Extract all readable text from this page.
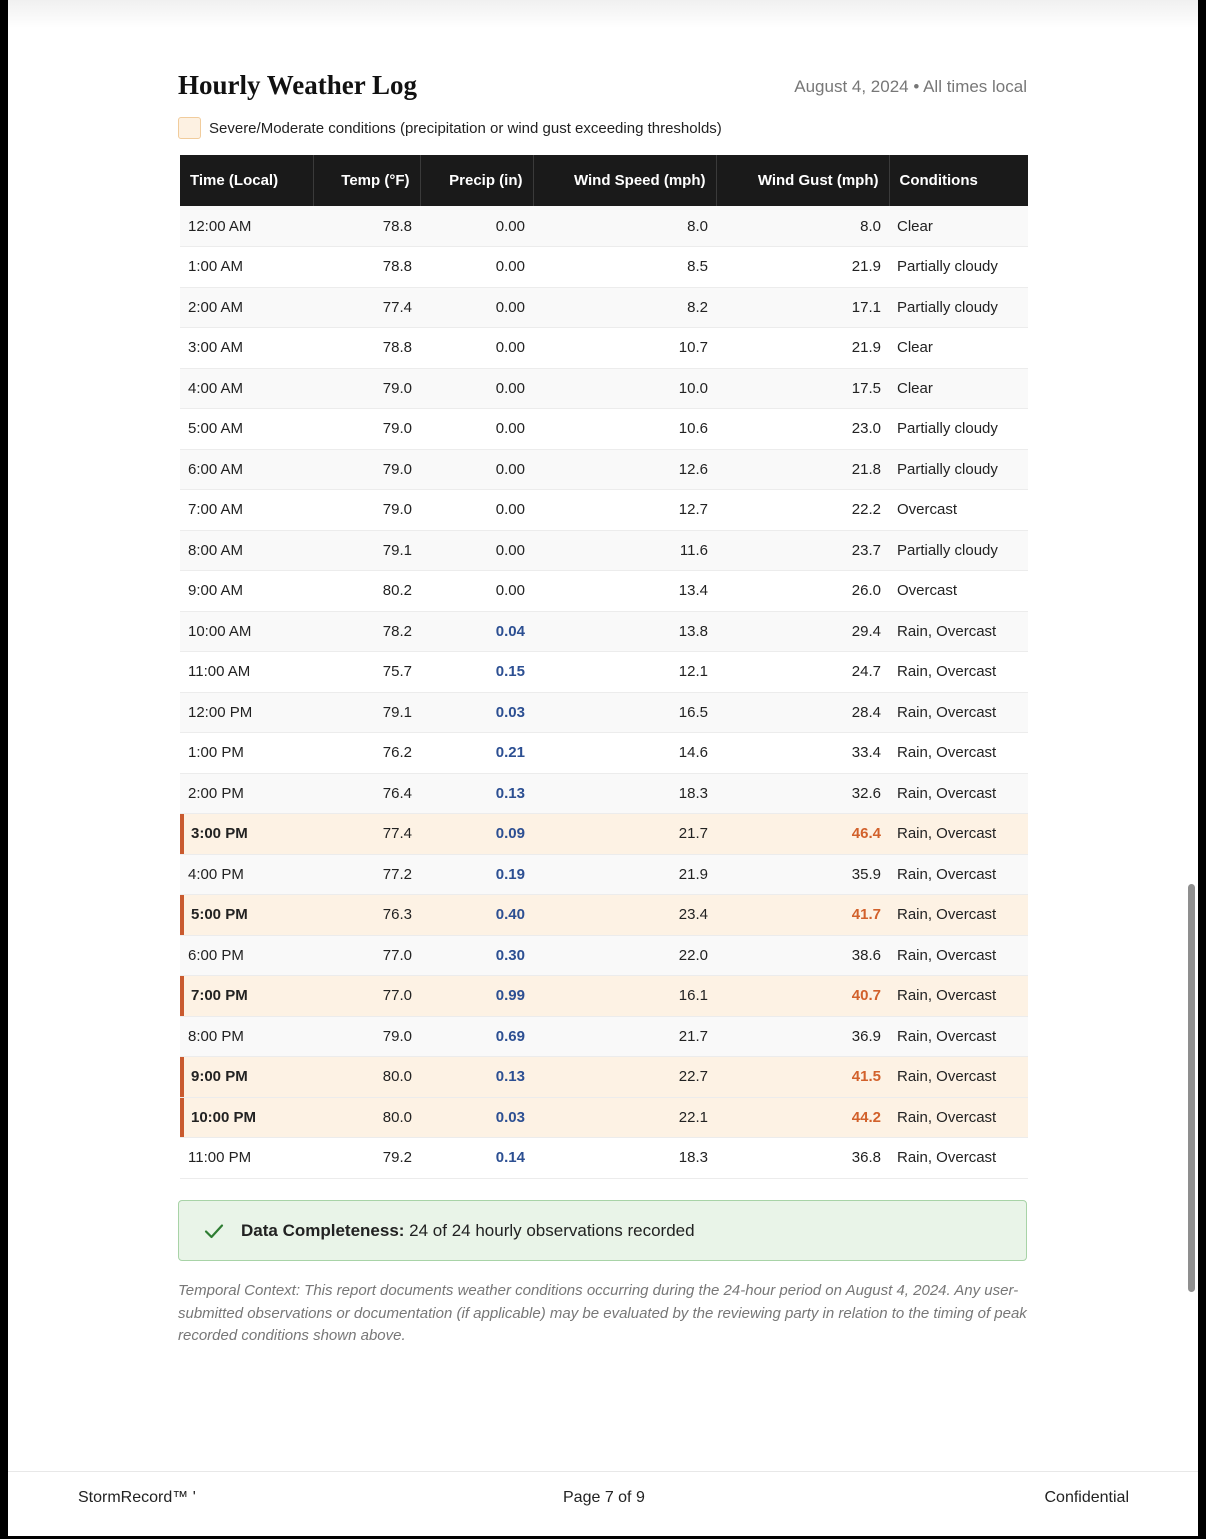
Hourly Weather Log	August 4, 2024 • All times local
Severe/Moderate conditions (precipitation or wind gust exceeding thresholds)
Time (Local)	Temp (°F)	Precip (in)	Wind Speed (mph)	Wind Gust (mph)	Conditions
12:00 AM	78.8	0.00	8.0	8.0	Clear
1:00 AM	78.8	0.00	8.5	21.9	Partially cloudy
2:00 AM	77.4	0.00	8.2	17.1	Partially cloudy
3:00 AM	78.8	0.00	10.7	21.9	Clear
4:00 AM	79.0	0.00	10.0	17.5	Clear
5:00 AM	79.0	0.00	10.6	23.0	Partially cloudy
6:00 AM	79.0	0.00	12.6	21.8	Partially cloudy
7:00 AM	79.0	0.00	12.7	22.2	Overcast
8:00 AM	79.1	0.00	11.6	23.7	Partially cloudy
9:00 AM	80.2	0.00	13.4	26.0	Overcast
10:00 AM	78.2	0.04	13.8	29.4	Rain, Overcast
11:00 AM	75.7	0.15	12.1	24.7	Rain, Overcast
12:00 PM	79.1	0.03	16.5	28.4	Rain, Overcast
1:00 PM	76.2	0.21	14.6	33.4	Rain, Overcast
2:00 PM	76.4	0.13	18.3	32.6	Rain, Overcast
3:00 PM	77.4	0.09	21.7	46.4	Rain, Overcast
4:00 PM	77.2	0.19	21.9	35.9	Rain, Overcast
5:00 PM	76.3	0.40	23.4	41.7	Rain, Overcast
6:00 PM	77.0	0.30	22.0	38.6	Rain, Overcast
7:00 PM	77.0	0.99	16.1	40.7	Rain, Overcast
8:00 PM	79.0	0.69	21.7	36.9	Rain, Overcast
9:00 PM	80.0	0.13	22.7	41.5	Rain, Overcast
10:00 PM	80.0	0.03	22.1	44.2	Rain, Overcast
11:00 PM	79.2	0.14	18.3	36.8	Rain, Overcast
Data Completeness: 24 of 24 hourly observations recorded

Temporal Context: This report documents weather conditions occurring during the 24-hour period on August 4, 2024. Any user-submitted observations or documentation (if applicable) may be evaluated by the reviewing party in relation to the timing of peak recorded conditions shown above.

StormRecord™ '	Page 7 of 9	Confidential
